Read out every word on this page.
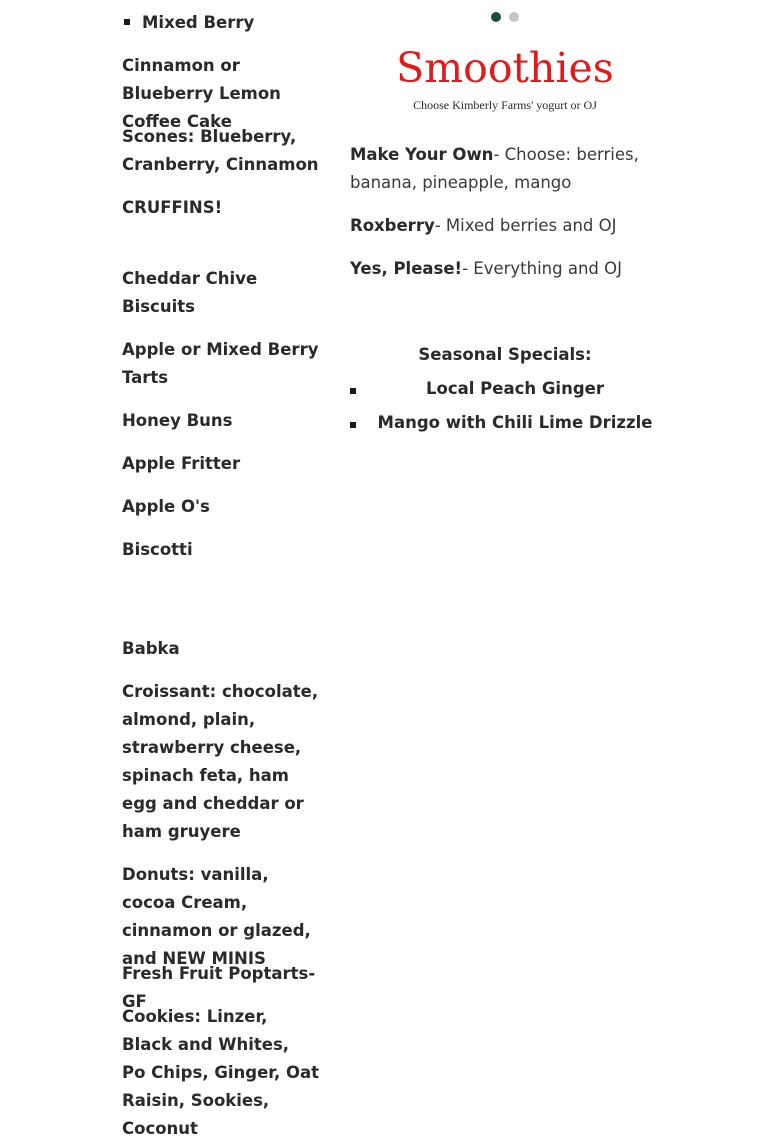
Mixed Berry
Cinnamon or Blueberry Lemon Coffee Cake
Scones: Blueberry, Cranberry, Cinnamon
CRUFFINS!
Cheddar Chive Biscuits
Apple or Mixed Berry Tarts
Honey Buns
Apple Fritter
Apple O's
Biscotti
Babka
Croissant: chocolate, almond, plain, strawberry cheese, spinach feta, ham egg and cheddar or ham gruyere
Donuts: vanilla, cocoa Cream, cinnamon or glazed, and NEW MINIS
Fresh Fruit Poptarts- GF
Cookies: Linzer, Black and Whites,     Po Chips, Ginger, Oat Raisin, Sookies, Coconut
Smoothies
Choose Kimberly Farms' yogurt or OJ
Make Your Own- Choose: berries, banana, pineapple, mango
Roxberry- Mixed berries and OJ
Yes, Please!- Everything and OJ
Seasonal Specials:
Local Peach Ginger
Mango with Chili Lime Drizzle
